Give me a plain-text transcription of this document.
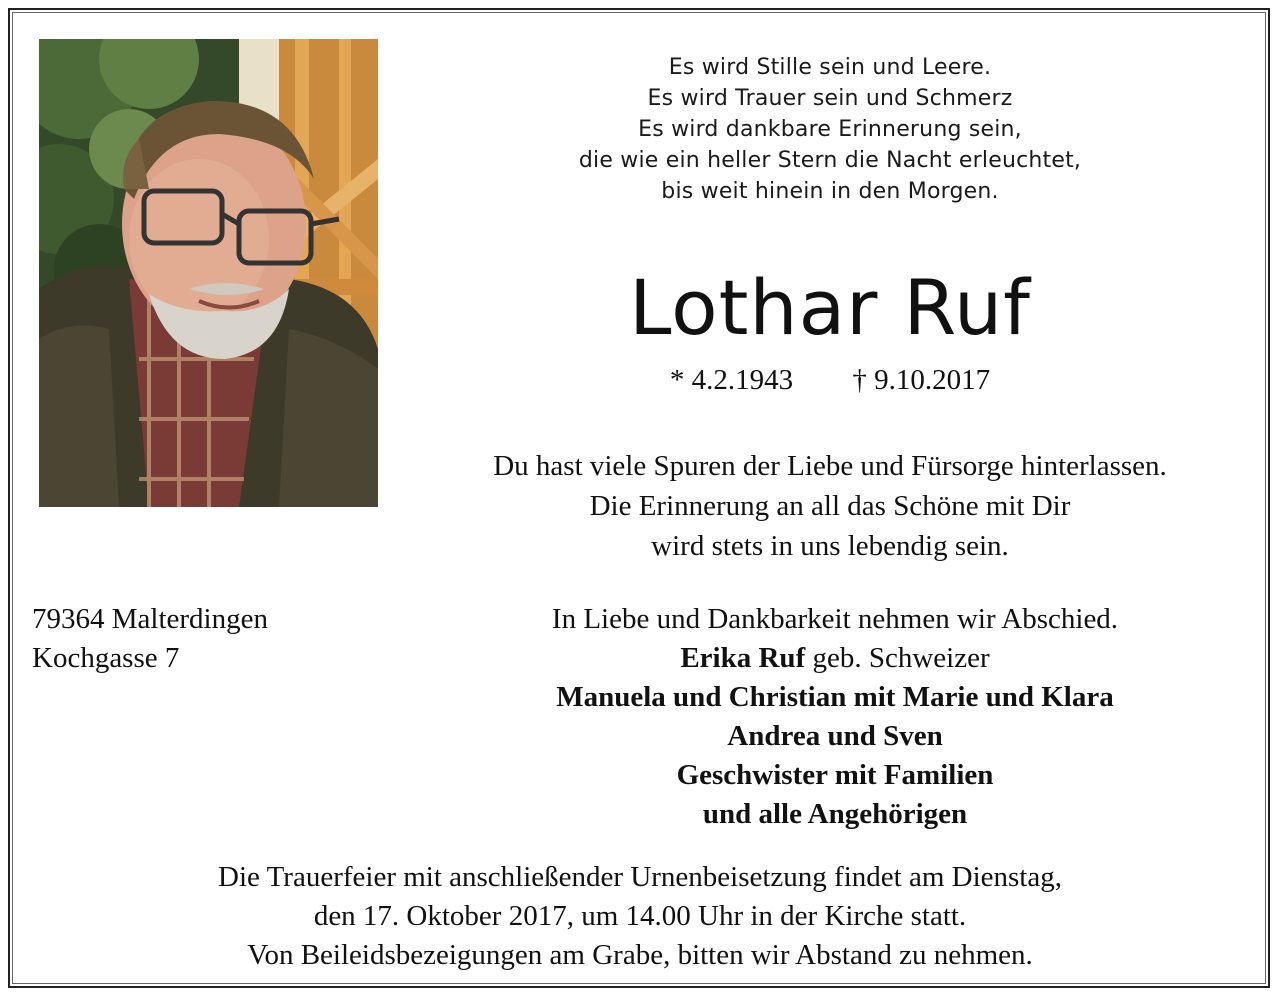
Es wird Stille sein und Leere.
Es wird Trauer sein und Schmerz
Es wird dankbare Erinnerung sein,
die wie ein heller Stern die Nacht erleuchtet,
bis weit hinein in den Morgen.
Lothar Ruf
* 4.2.1943 † 9.10.2017
Du hast viele Spuren der Liebe und Fürsorge hinterlassen.
Die Erinnerung an all das Schöne mit Dir
wird stets in uns lebendig sein.
79364 Malterdingen
Kochgasse 7
In Liebe und Dankbarkeit nehmen wir Abschied.
Erika Ruf geb. Schweizer
Manuela und Christian mit Marie und Klara
Andrea und Sven
Geschwister mit Familien
und alle Angehörigen
Die Trauerfeier mit anschließender Urnenbeisetzung findet am Dienstag,
den 17. Oktober 2017, um 14.00 Uhr in der Kirche statt.
Von Beileidsbezeigungen am Grabe, bitten wir Abstand zu nehmen.
